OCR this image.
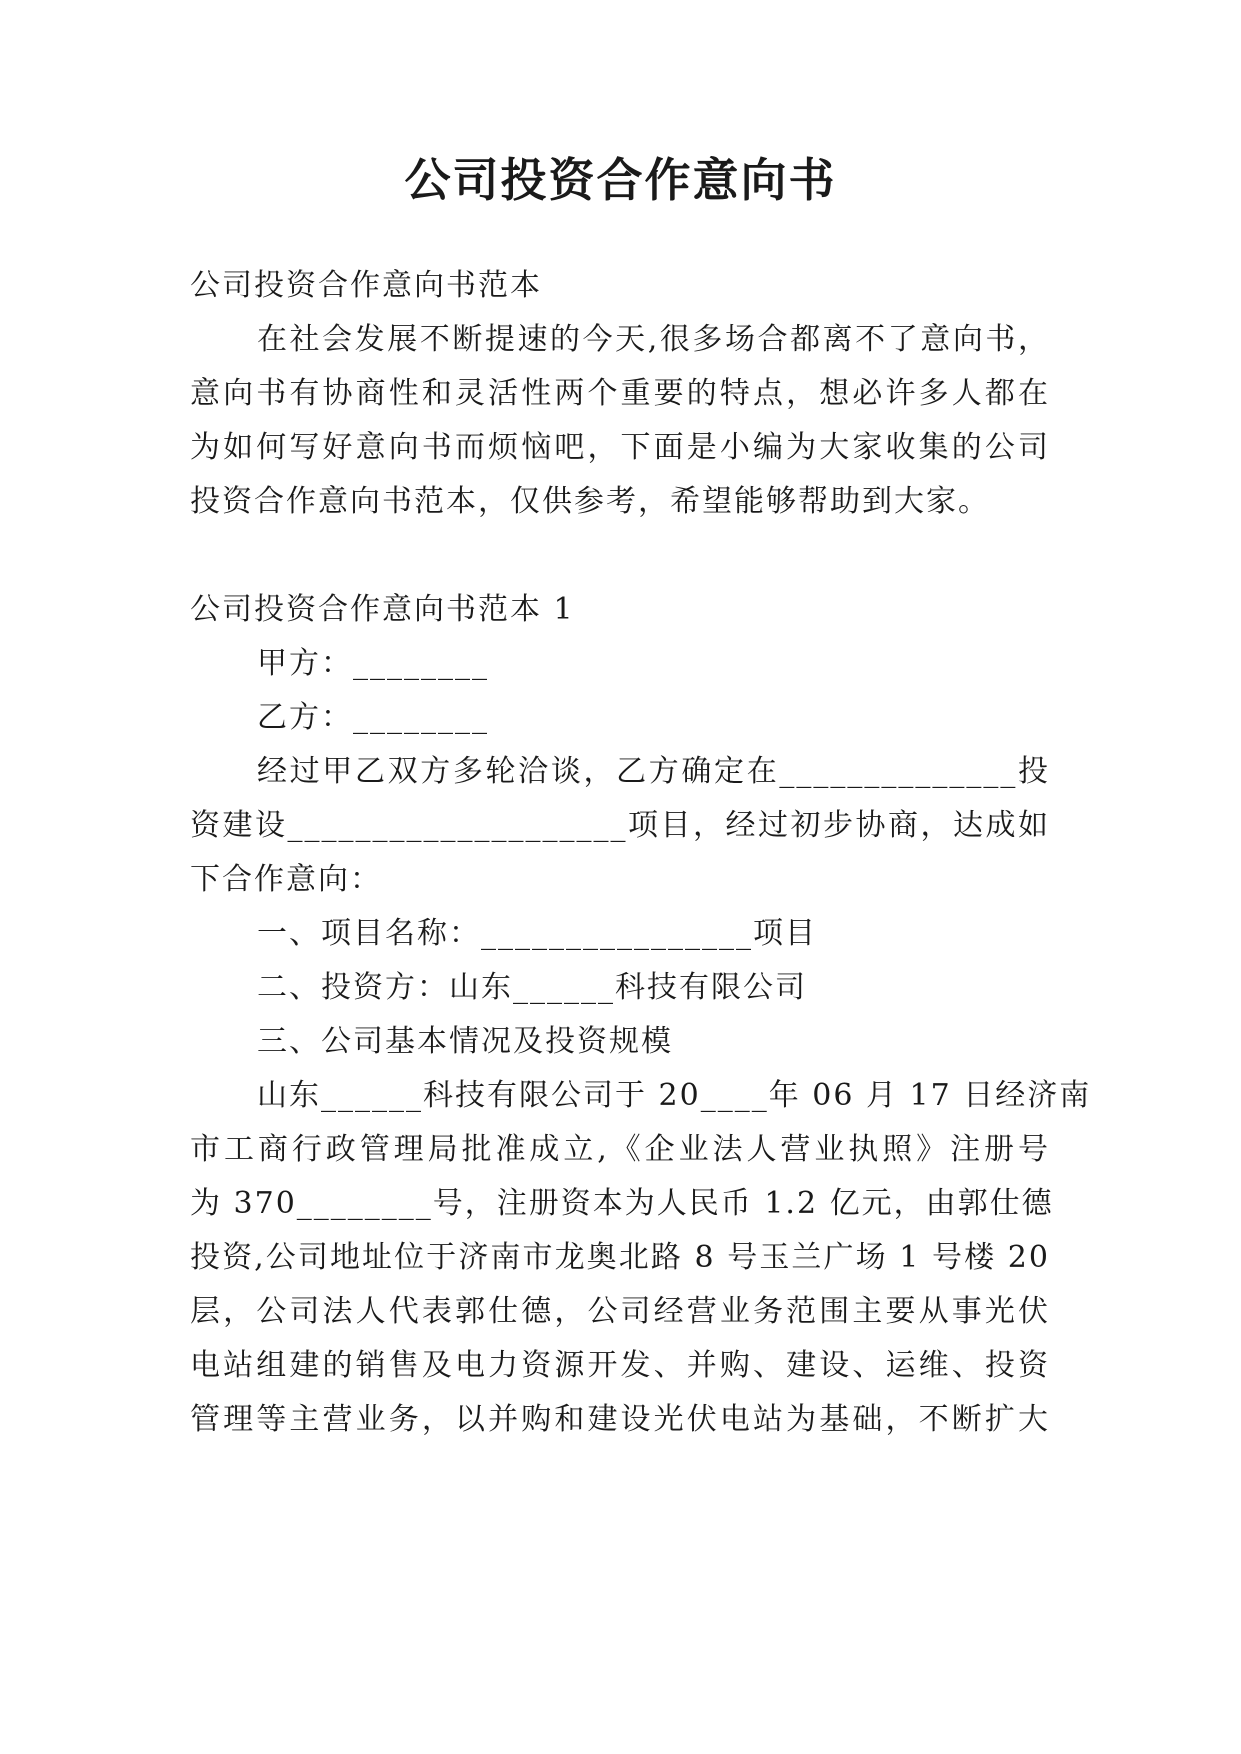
公司投资合作意向书
公司投资合作意向书范本
在社会发展不断提速的今天,很多场合都离不了意向书，
意向书有协商性和灵活性两个重要的特点，想必许多人都在
为如何写好意向书而烦恼吧，下面是小编为大家收集的公司
投资合作意向书范本，仅供参考，希望能够帮助到大家。
公司投资合作意向书范本 1
甲方：________
乙方：________
经过甲乙双方多轮洽谈，乙方确定在______________投
资建设____________________项目，经过初步协商，达成如
下合作意向：
一、项目名称：________________项目
二、投资方：山东______科技有限公司
三、公司基本情况及投资规模
山东______科技有限公司于 20____年 06 月 17 日经济南
市工商行政管理局批准成立,《企业法人营业执照》注册号
为 370________号，注册资本为人民币 1.2 亿元，由郭仕德
投资,公司地址位于济南市龙奥北路 8 号玉兰广场 1 号楼 20
层，公司法人代表郭仕德，公司经营业务范围主要从事光伏
电站组建的销售及电力资源开发、并购、建设、运维、投资
管理等主营业务，以并购和建设光伏电站为基础，不断扩大
